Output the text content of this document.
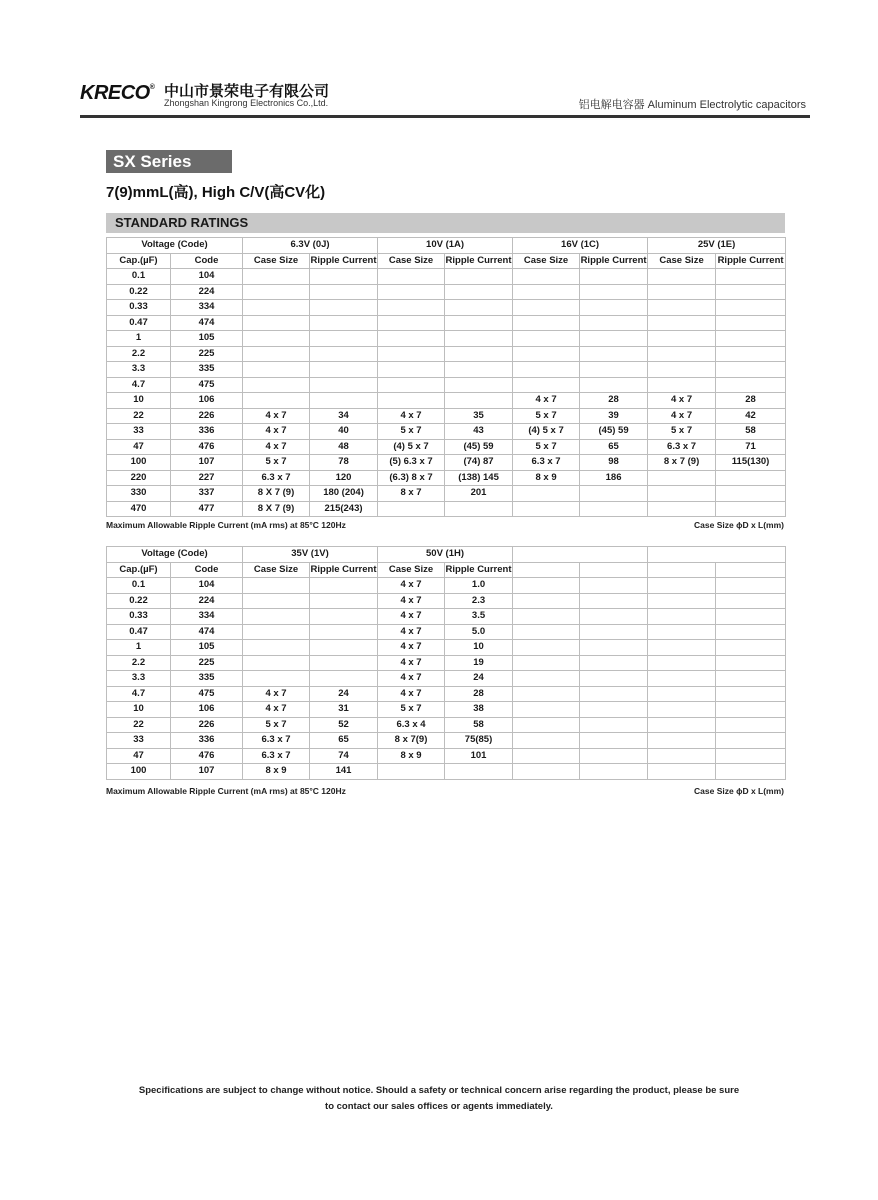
KRECO® 中山市景荣电子有限公司
Zhongshan Kingrong Electronics Co.,Ltd.	铝电解电容器 Aluminum Electrolytic capacitors
SX Series
7(9)mmL(高), High C/V(高CV化)
STANDARD RATINGS
Voltage (Code)		6.3V (0J)		10V (1A)		16V (1C)		25V (1E)	
Cap.(µF)	Code	Case Size	Ripple Current	Case Size	Ripple Current	Case Size	Ripple Current	Case Size	Ripple Current
0.1	104								
0.22	224								
0.33	334								
0.47	474								
1	105								
2.2	225								
3.3	335								
4.7	475								
10	106					4 x 7	28	4 x 7	28
22	226	4 x 7	34	4 x 7	35	5 x 7	39	4 x 7	42
33	336	4 x 7	40	5 x 7	43	(4) 5 x 7	(45) 59	5 x 7	58
47	476	4 x 7	48	(4) 5 x 7	(45) 59	5 x 7	65	6.3 x 7	71
100	107	5 x 7	78	(5) 6.3 x 7	(74) 87	6.3 x 7	98	8 x 7 (9)	115(130)
220	227	6.3 x 7	120	(6.3) 8 x 7	(138) 145	8 x 9	186		
330	337	8 X 7 (9)	180 (204)	8 x 7	201				
470	477	8 X 7 (9)	215(243)						
Maximum Allowable Ripple Current (mA rms) at 85°C 120Hz	Case Size ϕD x L(mm)
Voltage (Code)		35V (1V)		50V (1H)					
Cap.(µF)	Code	Case Size	Ripple Current	Case Size	Ripple Current				
0.1	104			4 x 7	1.0				
0.22	224			4 x 7	2.3				
0.33	334			4 x 7	3.5				
0.47	474			4 x 7	5.0				
1	105			4 x 7	10				
2.2	225			4 x 7	19				
3.3	335			4 x 7	24				
4.7	475	4 x 7	24	4 x 7	28				
10	106	4 x 7	31	5 x 7	38				
22	226	5 x 7	52	6.3 x 4	58				
33	336	6.3 x 7	65	8 x 7(9)	75(85)				
47	476	6.3 x 7	74	8 x 9	101				
100	107	8 x 9	141						
Maximum Allowable Ripple Current (mA rms) at 85°C 120Hz	Case Size ϕD x L(mm)
Specifications are subject to change without notice. Should a safety or technical concern arise regarding the product, please be sure
to contact our sales offices or agents immediately.
